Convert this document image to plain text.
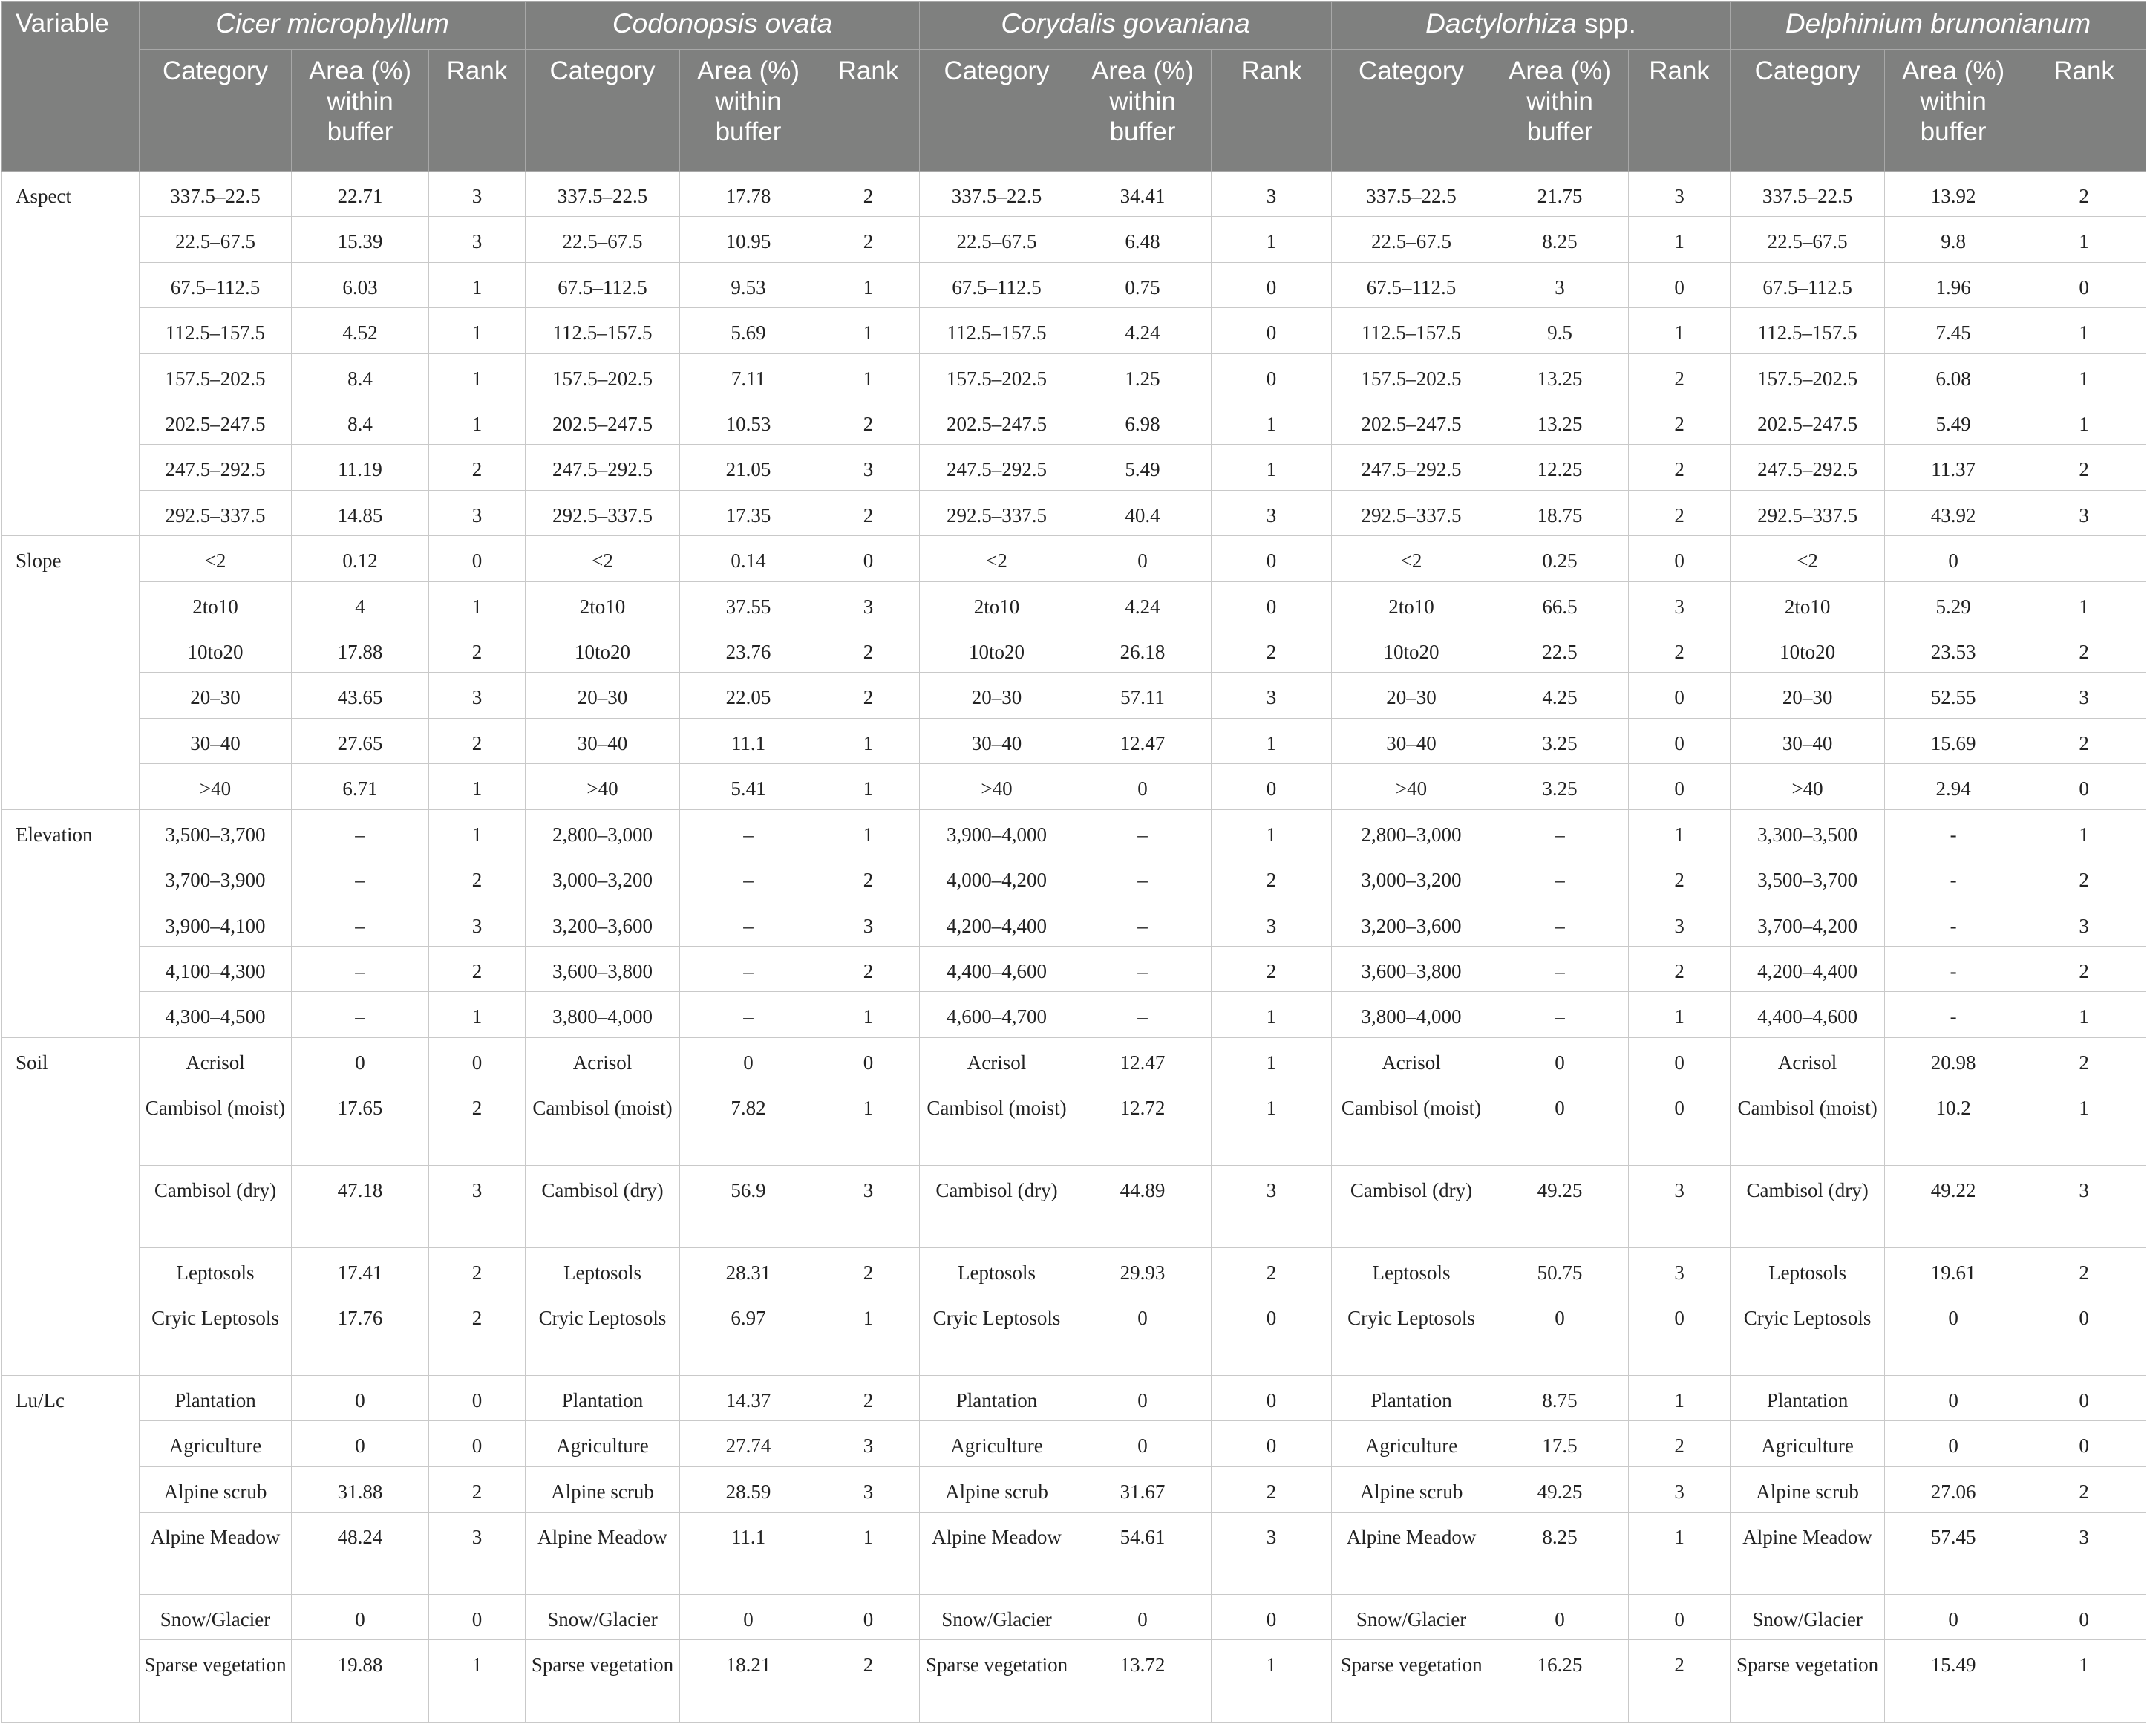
Variable	Cicer microphyllum			Codonopsis ovata			Corydalis govaniana			Dactylorhiza spp.			Delphinium brunonianum		
	Category	Area (%) within buffer	Rank	Category	Area (%) within buffer	Rank	Category	Area (%) within buffer	Rank	Category	Area (%) within buffer	Rank	Category	Area (%) within buffer	Rank
Aspect	337.5–22.5	22.71	3	337.5–22.5	17.78	2	337.5–22.5	34.41	3	337.5–22.5	21.75	3	337.5–22.5	13.92	2
	22.5–67.5	15.39	3	22.5–67.5	10.95	2	22.5–67.5	6.48	1	22.5–67.5	8.25	1	22.5–67.5	9.8	1
	67.5–112.5	6.03	1	67.5–112.5	9.53	1	67.5–112.5	0.75	0	67.5–112.5	3	0	67.5–112.5	1.96	0
	112.5–157.5	4.52	1	112.5–157.5	5.69	1	112.5–157.5	4.24	0	112.5–157.5	9.5	1	112.5–157.5	7.45	1
	157.5–202.5	8.4	1	157.5–202.5	7.11	1	157.5–202.5	1.25	0	157.5–202.5	13.25	2	157.5–202.5	6.08	1
	202.5–247.5	8.4	1	202.5–247.5	10.53	2	202.5–247.5	6.98	1	202.5–247.5	13.25	2	202.5–247.5	5.49	1
	247.5–292.5	11.19	2	247.5–292.5	21.05	3	247.5–292.5	5.49	1	247.5–292.5	12.25	2	247.5–292.5	11.37	2
	292.5–337.5	14.85	3	292.5–337.5	17.35	2	292.5–337.5	40.4	3	292.5–337.5	18.75	2	292.5–337.5	43.92	3
Slope	<2	0.12	0	<2	0.14	0	<2	0	0	<2	0.25	0	<2	0	
	2to10	4	1	2to10	37.55	3	2to10	4.24	0	2to10	66.5	3	2to10	5.29	1
	10to20	17.88	2	10to20	23.76	2	10to20	26.18	2	10to20	22.5	2	10to20	23.53	2
	20–30	43.65	3	20–30	22.05	2	20–30	57.11	3	20–30	4.25	0	20–30	52.55	3
	30–40	27.65	2	30–40	11.1	1	30–40	12.47	1	30–40	3.25	0	30–40	15.69	2
	>40	6.71	1	>40	5.41	1	>40	0	0	>40	3.25	0	>40	2.94	0
Elevation	3,500–3,700	–	1	2,800–3,000	–	1	3,900–4,000	–	1	2,800–3,000	–	1	3,300–3,500	-	1
	3,700–3,900	–	2	3,000–3,200	–	2	4,000–4,200	–	2	3,000–3,200	–	2	3,500–3,700	-	2
	3,900–4,100	–	3	3,200–3,600	–	3	4,200–4,400	–	3	3,200–3,600	–	3	3,700–4,200	-	3
	4,100–4,300	–	2	3,600–3,800	–	2	4,400–4,600	–	2	3,600–3,800	–	2	4,200–4,400	-	2
	4,300–4,500	–	1	3,800–4,000	–	1	4,600–4,700	–	1	3,800–4,000	–	1	4,400–4,600	-	1
Soil	Acrisol	0	0	Acrisol	0	0	Acrisol	12.47	1	Acrisol	0	0	Acrisol	20.98	2
	Cambisol (moist)	17.65	2	Cambisol (moist)	7.82	1	Cambisol (moist)	12.72	1	Cambisol (moist)	0	0	Cambisol (moist)	10.2	1
	Cambisol (dry)	47.18	3	Cambisol (dry)	56.9	3	Cambisol (dry)	44.89	3	Cambisol (dry)	49.25	3	Cambisol (dry)	49.22	3
	Leptosols	17.41	2	Leptosols	28.31	2	Leptosols	29.93	2	Leptosols	50.75	3	Leptosols	19.61	2
	Cryic Leptosols	17.76	2	Cryic Leptosols	6.97	1	Cryic Leptosols	0	0	Cryic Leptosols	0	0	Cryic Leptosols	0	0
Lu/Lc	Plantation	0	0	Plantation	14.37	2	Plantation	0	0	Plantation	8.75	1	Plantation	0	0
	Agriculture	0	0	Agriculture	27.74	3	Agriculture	0	0	Agriculture	17.5	2	Agriculture	0	0
	Alpine scrub	31.88	2	Alpine scrub	28.59	3	Alpine scrub	31.67	2	Alpine scrub	49.25	3	Alpine scrub	27.06	2
	Alpine Meadow	48.24	3	Alpine Meadow	11.1	1	Alpine Meadow	54.61	3	Alpine Meadow	8.25	1	Alpine Meadow	57.45	3
	Snow/Glacier	0	0	Snow/Glacier	0	0	Snow/Glacier	0	0	Snow/Glacier	0	0	Snow/Glacier	0	0
	Sparse vegetation	19.88	1	Sparse vegetation	18.21	2	Sparse vegetation	13.72	1	Sparse vegetation	16.25	2	Sparse vegetation	15.49	1
